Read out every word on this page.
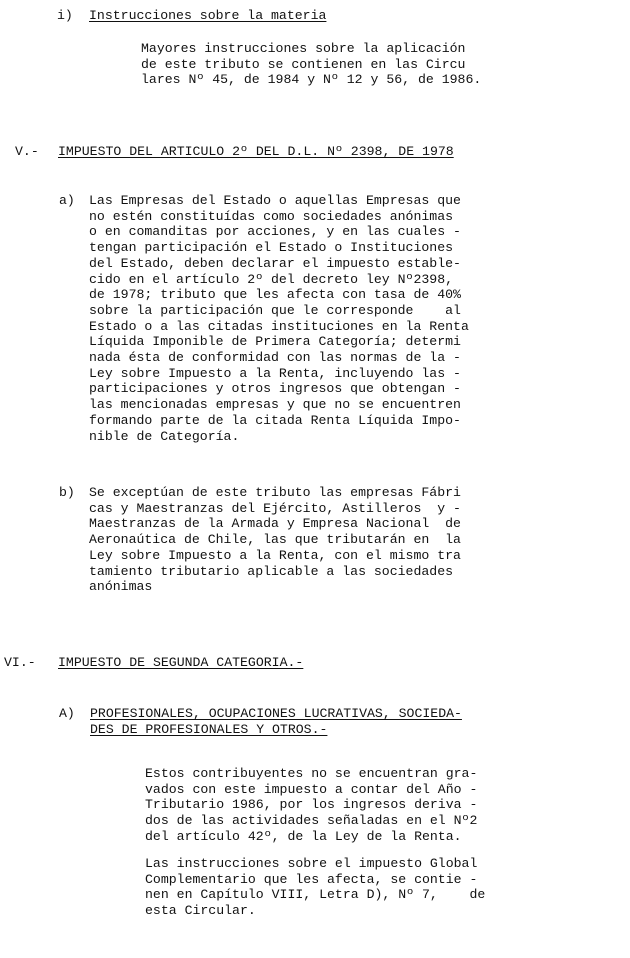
i) Instrucciones sobre la materia
Mayores instrucciones sobre la aplicación
de este tributo se contienen en las Circu
lares Nº 45, de 1984 y Nº 12 y 56, de 1986.
V.- IMPUESTO DEL ARTICULO 2º DEL D.L. Nº 2398, DE 1978
a) Las Empresas del Estado o aquellas Empresas que
no estén constituídas como sociedades anónimas
o en comanditas por acciones, y en las cuales -
tengan participación el Estado o Instituciones
del Estado, deben declarar el impuesto estable-
cido en el artículo 2º del decreto ley Nº2398,
de 1978; tributo que les afecta con tasa de 40%
sobre la participación que le corresponde    al
Estado o a las citadas instituciones en la Renta
Líquida Imponible de Primera Categoría; determi
nada ésta de conformidad con las normas de la -
Ley sobre Impuesto a la Renta, incluyendo las -
participaciones y otros ingresos que obtengan -
las mencionadas empresas y que no se encuentren
formando parte de la citada Renta Líquida Impo-
nible de Categoría.
b) Se exceptúan de este tributo las empresas Fábri
cas y Maestranzas del Ejército, Astilleros  y -
Maestranzas de la Armada y Empresa Nacional  de
Aeronaútica de Chile, las que tributarán en  la
Ley sobre Impuesto a la Renta, con el mismo tra
tamiento tributario aplicable a las sociedades
anónimas
VI.- IMPUESTO DE SEGUNDA CATEGORIA.-
A) PROFESIONALES, OCUPACIONES LUCRATIVAS, SOCIEDA-
DES DE PROFESIONALES Y OTROS.-
Estos contribuyentes no se encuentran gra-
vados con este impuesto a contar del Año -
Tributario 1986, por los ingresos deriva -
dos de las actividades señaladas en el Nº2
del artículo 42º, de la Ley de la Renta.
Las instrucciones sobre el impuesto Global
Complementario que les afecta, se contie -
nen en Capítulo VIII, Letra D), Nº 7,    de
esta Circular.
